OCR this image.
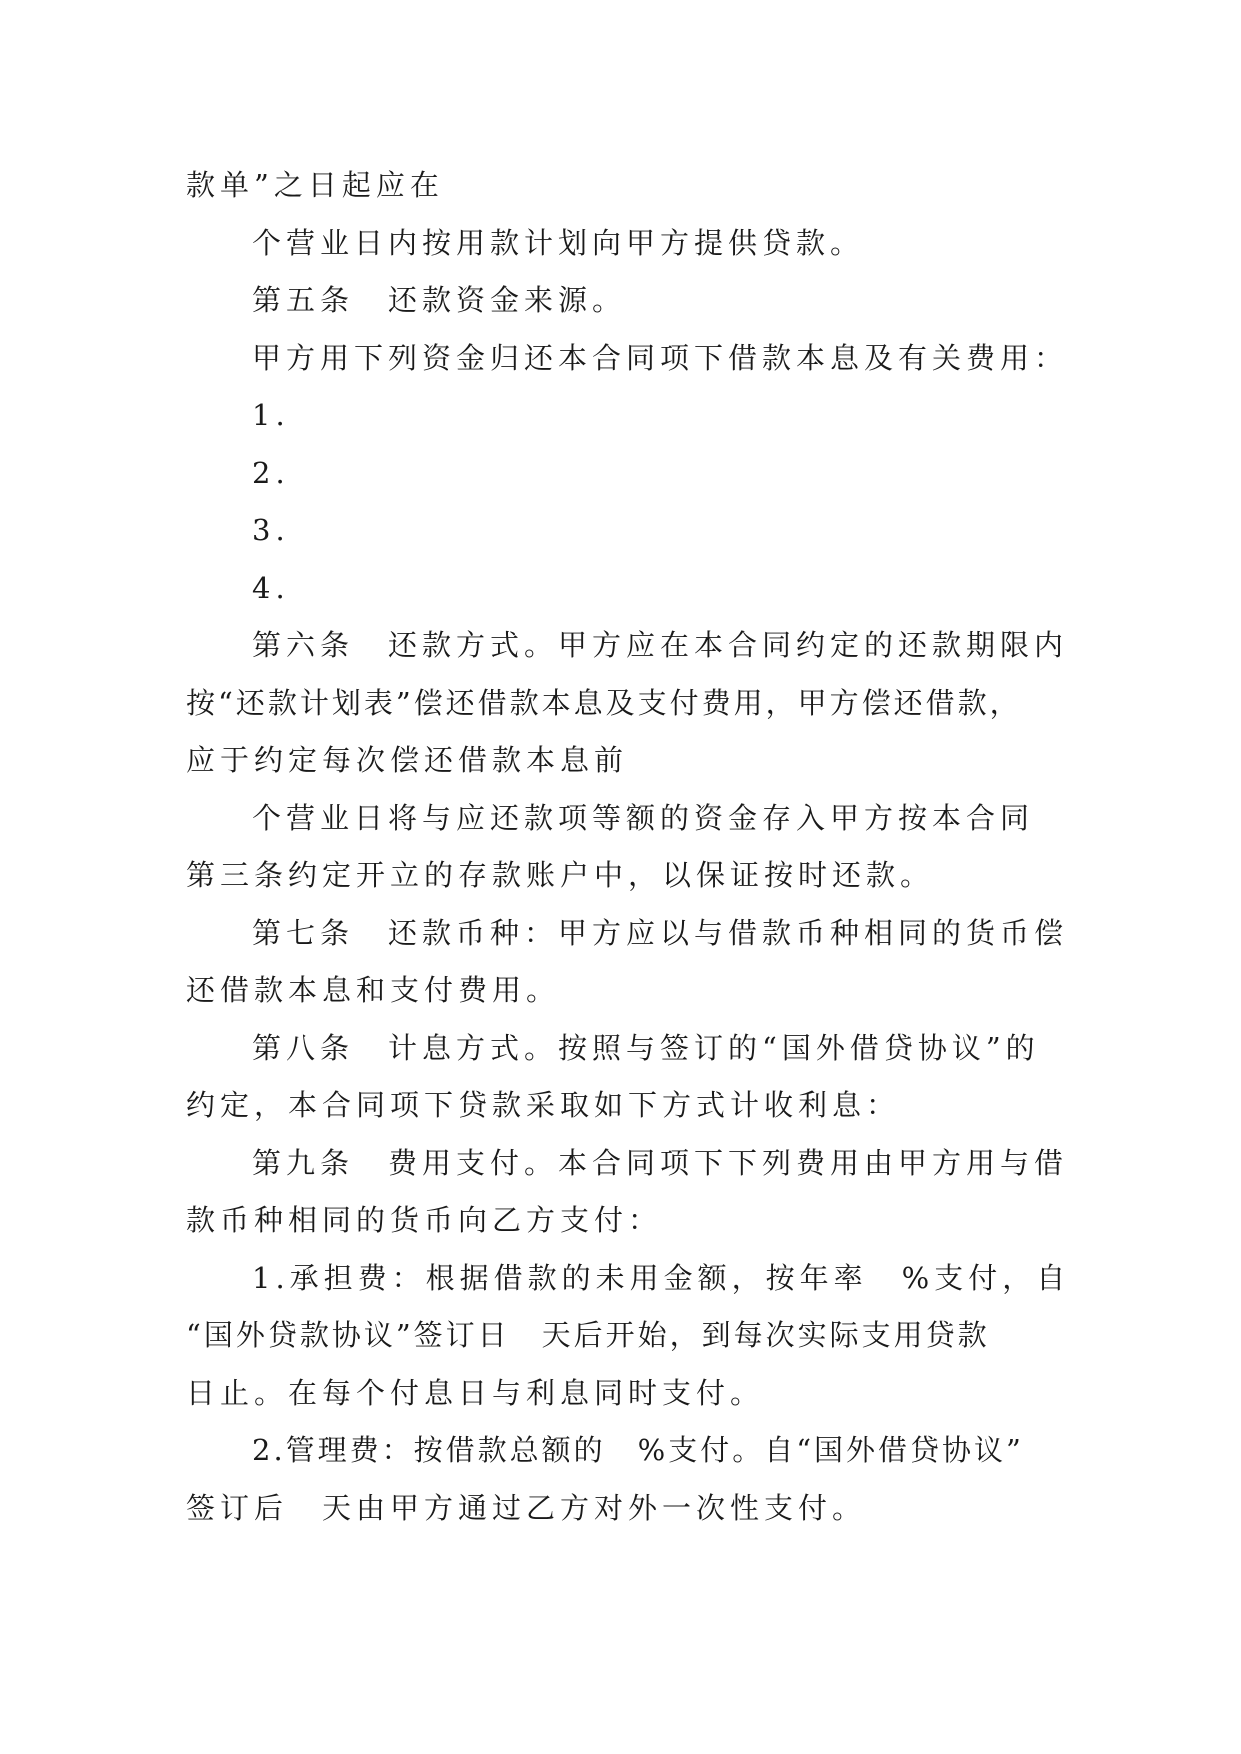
款单”之日起应在
个营业日内按用款计划向甲方提供贷款。
第五条　还款资金来源。
甲方用下列资金归还本合同项下借款本息及有关费用：
1.
2.
3.
4.
第六条　还款方式。甲方应在本合同约定的还款期限内
按“还款计划表”偿还借款本息及支付费用，甲方偿还借款，
应于约定每次偿还借款本息前
个营业日将与应还款项等额的资金存入甲方按本合同
第三条约定开立的存款账户中，以保证按时还款。
第七条　还款币种：甲方应以与借款币种相同的货币偿
还借款本息和支付费用。
第八条　计息方式。按照与签订的“国外借贷协议”的
约定，本合同项下贷款采取如下方式计收利息：
第九条　费用支付。本合同项下下列费用由甲方用与借
款币种相同的货币向乙方支付：
1.承担费：根据借款的未用金额，按年率　%支付，自
“国外贷款协议”签订日　天后开始，到每次实际支用贷款
日止。在每个付息日与利息同时支付。
2.管理费：按借款总额的　%支付。自“国外借贷协议”
签订后　天由甲方通过乙方对外一次性支付。
